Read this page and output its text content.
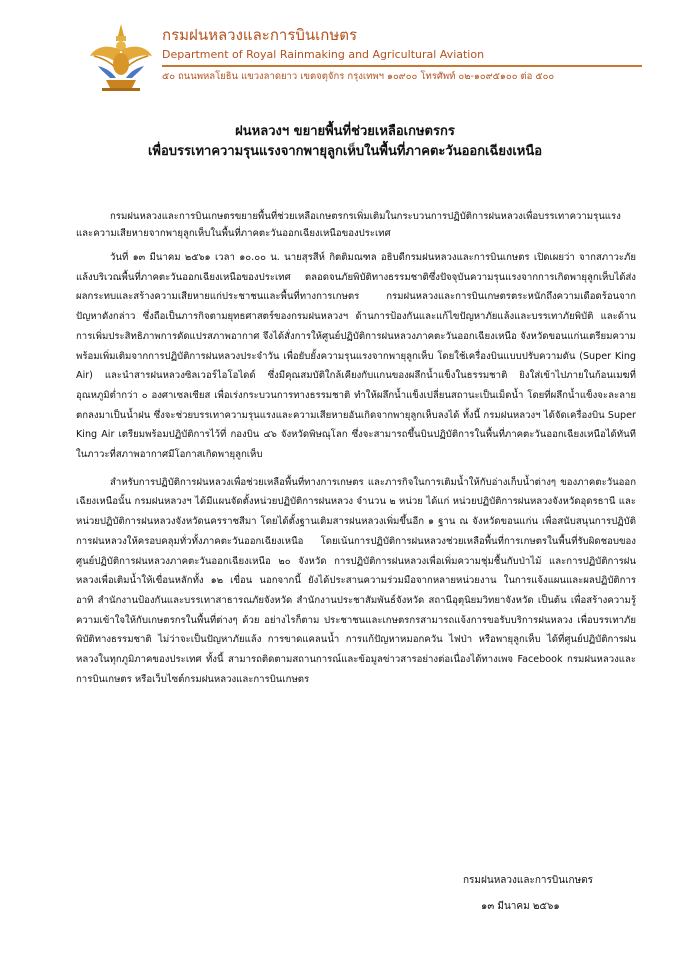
กรมฝนหลวงและการบินเกษตร

Department of Royal Rainmaking and Agricultural Aviation
๕๐ ถนนพหลโยธิน แขวงลาดยาว เขตจตุจักร กรุงเทพฯ ๑๐๙๐๐ โทรศัพท์ ๐๒-๑๐๙๕๑๐๐ ต่อ ๕๐๐
ฝนหลวงฯ ขยายพื้นที่ช่วยเหลือเกษตรกร
เพื่อบรรเทาความรุนแรงจากพายุลูกเห็บในพื้นที่ภาคตะวันออกเฉียงเหนือ

กรมฝนหลวงและการบินเกษตรขยายพื้นที่ช่วยเหลือเกษตรกรเพิ่มเติมในกระบวนการปฏิบัติการฝนหลวงเพื่อบรรเทาความรุนแรงและความเสียหายจากพายุลูกเห็บในพื้นที่ภาคตะวันออกเฉียงเหนือของประเทศ

วันที่ ๑๓ มีนาคม ๒๕๖๑ เวลา ๑๐.๐๐ น. นายสุรสีห์ กิตติมณฑล อธิบดีกรมฝนหลวงและการบินเกษตร เปิดเผยว่า จากสภาวะภัยแล้งบริเวณพื้นที่ภาคตะวันออกเฉียงเหนือของประเทศ ตลอดจนภัยพิบัติทางธรรมชาติซึ่งปัจจุบันความรุนแรงจากการเกิดพายุลูกเห็บได้ส่งผลกระทบและสร้างความเสียหายแก่ประชาชนและพื้นที่ทางการเกษตร กรมฝนหลวงและการบินเกษตรตระหนักถึงความเดือดร้อนจากปัญหาดังกล่าว ซึ่งถือเป็นภารกิจตามยุทธศาสตร์ของกรมฝนหลวงฯ ด้านการป้องกันและแก้ไขปัญหาภัยแล้งและบรรเทาภัยพิบัติ และด้านการเพิ่มประสิทธิภาพการดัดแปรสภาพอากาศ จึงได้สั่งการให้ศูนย์ปฏิบัติการฝนหลวงภาคตะวันออกเฉียงเหนือ จังหวัดขอนแก่นเตรียมความพร้อมเพิ่มเติมจากการปฏิบัติการฝนหลวงประจำวัน เพื่อยับยั้งความรุนแรงจากพายุลูกเห็บ โดยใช้เครื่องบินแบบปรับความดัน (Super King Air) และนำสารฝนหลวงซิลเวอร์ไอโอไดด์ ซึ่งมีคุณสมบัติใกล้เคียงกับแกนของผลึกน้ำแข็งในธรรมชาติ ยิงใส่เข้าไปภายในก้อนเมฆที่อุณหภูมิต่ำกว่า ๐ องศาเซลเซียส เพื่อเร่งกระบวนการทางธรรมชาติ ทำให้ผลึกน้ำแข็งเปลี่ยนสถานะเป็นเม็ดน้ำ โดยที่ผลึกน้ำแข็งจะละลายตกลงมาเป็นน้ำฝน ซึ่งจะช่วยบรรเทาความรุนแรงและความเสียหายอันเกิดจากพายุลูกเห็บลงได้ ทั้งนี้ กรมฝนหลวงฯ ได้จัดเครื่องบิน Super King Air เตรียมพร้อมปฏิบัติการไว้ที่ กองบิน ๔๖ จังหวัดพิษณุโลก ซึ่งจะสามารถขึ้นบินปฏิบัติการในพื้นที่ภาคตะวันออกเฉียงเหนือได้ทันทีในภาวะที่สภาพอากาศมีโอกาสเกิดพายุลูกเห็บ

สำหรับการปฏิบัติการฝนหลวงเพื่อช่วยเหลือพื้นที่ทางการเกษตร และภารกิจในการเติมน้ำให้กับอ่างเก็บน้ำต่างๆ ของภาคตะวันออกเฉียงเหนือนั้น กรมฝนหลวงฯ ได้มีแผนจัดตั้งหน่วยปฏิบัติการฝนหลวง จำนวน ๒ หน่วย ได้แก่ หน่วยปฏิบัติการฝนหลวงจังหวัดอุดรธานี และหน่วยปฏิบัติการฝนหลวงจังหวัดนครราชสีมา โดยได้ตั้งฐานเติมสารฝนหลวงเพิ่มขึ้นอีก ๑ ฐาน ณ จังหวัดขอนแก่น เพื่อสนับสนุนการปฏิบัติการฝนหลวงให้ครอบคลุมทั่วทั้งภาคตะวันออกเฉียงเหนือ โดยเน้นการปฏิบัติการฝนหลวงช่วยเหลือพื้นที่การเกษตรในพื้นที่รับผิดชอบของศูนย์ปฏิบัติการฝนหลวงภาคตะวันออกเฉียงเหนือ ๒๐ จังหวัด การปฏิบัติการฝนหลวงเพื่อเพิ่มความชุ่มชื้นกับป่าไม้ และการปฏิบัติการฝนหลวงเพื่อเติมน้ำให้เขื่อนหลักทั้ง ๑๒ เขื่อน นอกจากนี้ ยังได้ประสานความร่วมมือจากหลายหน่วยงาน ในการแจ้งแผนและผลปฏิบัติการ อาทิ สำนักงานป้องกันและบรรเทาสาธารณภัยจังหวัด สำนักงานประชาสัมพันธ์จังหวัด สถานีอุตุนิยมวิทยาจังหวัด เป็นต้น เพื่อสร้างความรู้ความเข้าใจให้กับเกษตรกรในพื้นที่ต่างๆ ด้วย อย่างไรก็ตาม ประชาชนและเกษตรกรสามารถแจ้งการขอรับบริการฝนหลวง เพื่อบรรเทาภัยพิบัติทางธรรมชาติ ไม่ว่าจะเป็นปัญหาภัยแล้ง การขาดแคลนน้ำ การแก้ปัญหาหมอกควัน ไฟป่า หรือพายุลูกเห็บ ได้ที่ศูนย์ปฏิบัติการฝนหลวงในทุกภูมิภาคของประเทศ ทั้งนี้ สามารถติดตามสถานการณ์และข้อมูลข่าวสารอย่างต่อเนื่องได้ทางเพจ Facebook กรมฝนหลวงและการบินเกษตร หรือเว็บไซต์กรมฝนหลวงและการบินเกษตร

กรมฝนหลวงและการบินเกษตร
๑๓ มีนาคม ๒๕๖๑
